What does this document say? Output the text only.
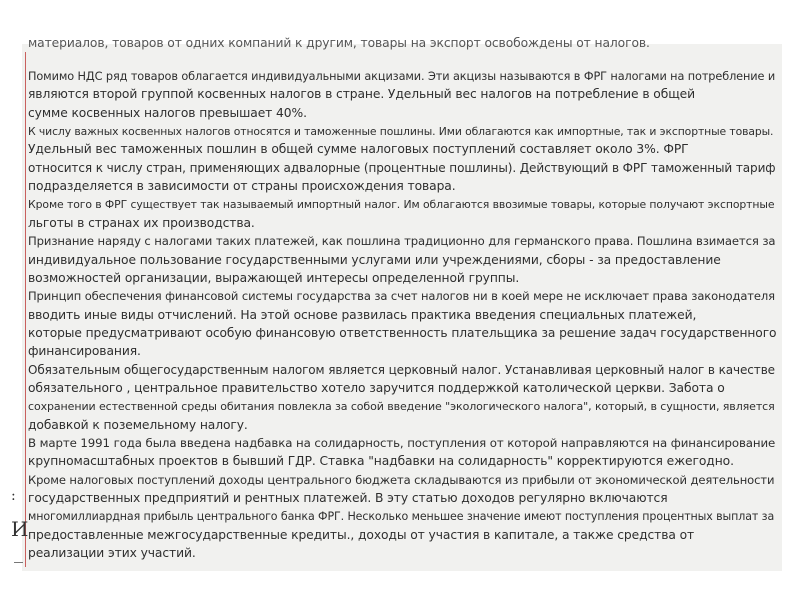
материалов, товаров от одних компаний к другим, товары на экспорт освобождены от налогов.
Помимо НДС ряд товаров облагается индивидуальными акцизами. Эти акцизы называются в ФРГ налогами на потребление и
являются второй группой косвенных налогов в стране. Удельный вес налогов на потребление в общей
сумме косвенных налогов превышает 40%.
К числу важных косвенных налогов относятся и таможенные пошлины. Ими облагаются как импортные, так и экспортные товары.
Удельный вес таможенных пошлин в общей сумме налоговых поступлений составляет около 3%. ФРГ
относится к числу стран, применяющих адвалорные (процентные пошлины). Действующий в ФРГ таможенный тариф
подразделяется в зависимости от страны происхождения товара.
Кроме того в ФРГ существует так называемый импортный налог. Им облагаются ввозимые товары, которые получают экспортные
льготы в странах их производства.
Признание наряду с налогами таких платежей, как пошлина традиционно для германского права. Пошлина взимается за
индивидуальное пользование государственными услугами или учреждениями, сборы - за предоставление
возможностей организации, выражающей интересы определенной группы.
Принцип обеспечения финансовой системы государства за счет налогов ни в коей мере не исключает права законодателя
вводить иные виды отчислений. На этой основе развилась практика введения специальных платежей,
которые предусматривают особую финансовую ответственность плательщика за решение задач государственного
финансирования.
Обязательным общегосударственным налогом является церковный налог. Устанавливая церковный налог в качестве
обязательного , центральное правительство хотело заручится поддержкой католической церкви. Забота о
сохранении естественной среды обитания повлекла за собой введение "экологического налога", который, в сущности, является
добавкой к поземельному налогу.
В марте 1991 года была введена надбавка на солидарность, поступления от которой направляются на финансирование
крупномасштабных проектов в бывший ГДР. Ставка "надбавки на солидарность" корректируются ежегодно.
Кроме налоговых поступлений доходы центрального бюджета складываются из прибыли от экономической деятельности
государственных предприятий и рентных платежей. В эту статью доходов регулярно включаются
многомиллиардная прибыль центрального банка ФРГ. Несколько меньшее значение имеют поступления процентных выплат за
предоставленные межгосударственные кредиты., доходы от участия в капитале, а также средства от
реализации этих участий.
:
И
